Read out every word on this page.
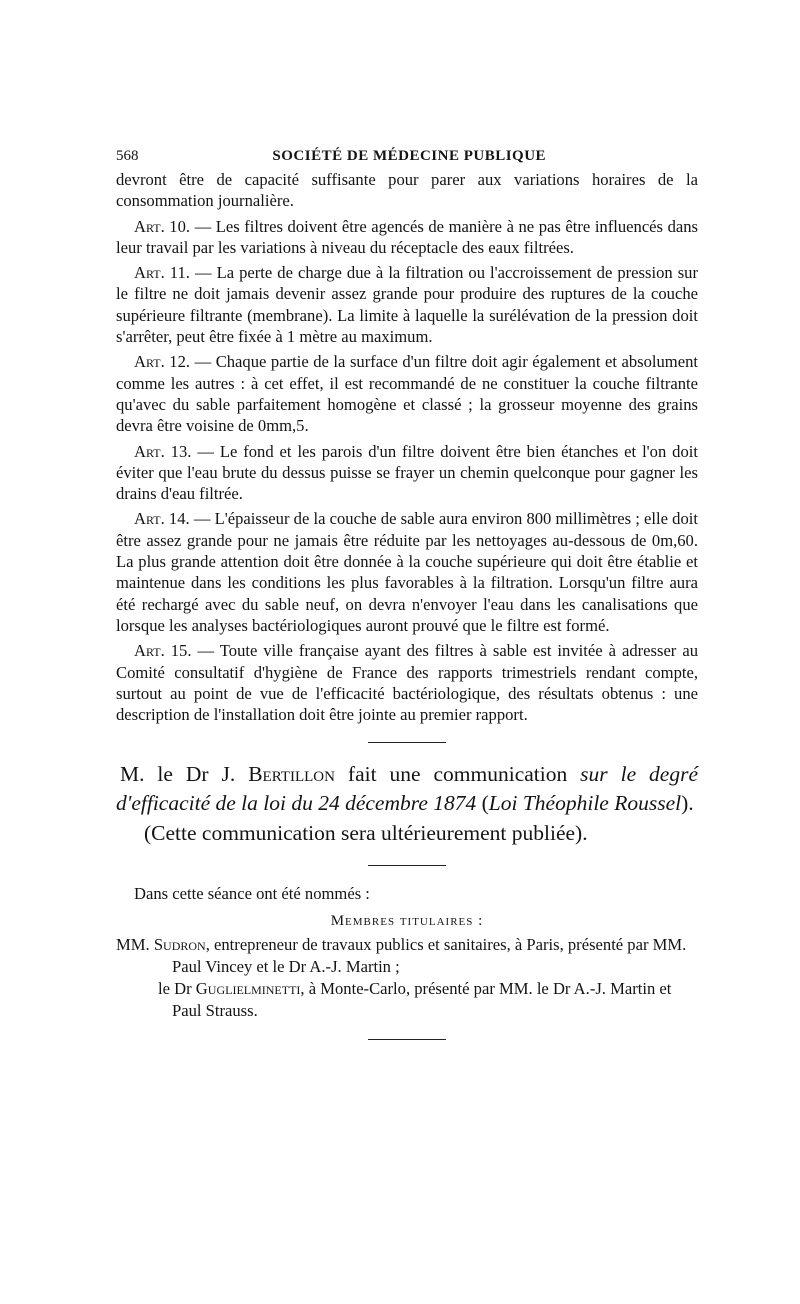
568	SOCIÉTÉ DE MÉDECINE PUBLIQUE

devront être de capacité suffisante pour parer aux variations horaires de la consommation journalière.

Art. 10. — Les filtres doivent être agencés de manière à ne pas être influencés dans leur travail par les variations à niveau du réceptacle des eaux filtrées.

Art. 11. — La perte de charge due à la filtration ou l'accroissement de pression sur le filtre ne doit jamais devenir assez grande pour produire des ruptures de la couche supérieure filtrante (membrane). La limite à laquelle la surélévation de la pression doit s'arrêter, peut être fixée à 1 mètre au maximum.

Art. 12. — Chaque partie de la surface d'un filtre doit agir également et absolument comme les autres : à cet effet, il est recommandé de ne constituer la couche filtrante qu'avec du sable parfaitement homogène et classé ; la grosseur moyenne des grains devra être voisine de 0mm,5.

Art. 13. — Le fond et les parois d'un filtre doivent être bien étanches et l'on doit éviter que l'eau brute du dessus puisse se frayer un chemin quelconque pour gagner les drains d'eau filtrée.

Art. 14. — L'épaisseur de la couche de sable aura environ 800 millimètres ; elle doit être assez grande pour ne jamais être réduite par les nettoyages au-dessous de 0m,60. La plus grande attention doit être donnée à la couche supérieure qui doit être établie et maintenue dans les conditions les plus favorables à la filtration. Lorsqu'un filtre aura été rechargé avec du sable neuf, on devra n'envoyer l'eau dans les canalisations que lorsque les analyses bactériologiques auront prouvé que le filtre est formé.

Art. 15. — Toute ville française ayant des filtres à sable est invitée à adresser au Comité consultatif d'hygiène de France des rapports trimestriels rendant compte, surtout au point de vue de l'efficacité bactériologique, des résultats obtenus : une description de l'installation doit être jointe au premier rapport.

M. le Dr J. Bertillon fait une communication sur le degré d'efficacité de la loi du 24 décembre 1874 (Loi Théophile Roussel).

(Cette communication sera ultérieurement publiée).

Dans cette séance ont été nommés :

Membres titulaires :

MM. Sudron, entrepreneur de travaux publics et sanitaires, à Paris, présenté par MM. Paul Vincey et le Dr A.-J. Martin ;

le Dr Guglielminetti, à Monte-Carlo, présenté par MM. le Dr A.-J. Martin et Paul Strauss.
